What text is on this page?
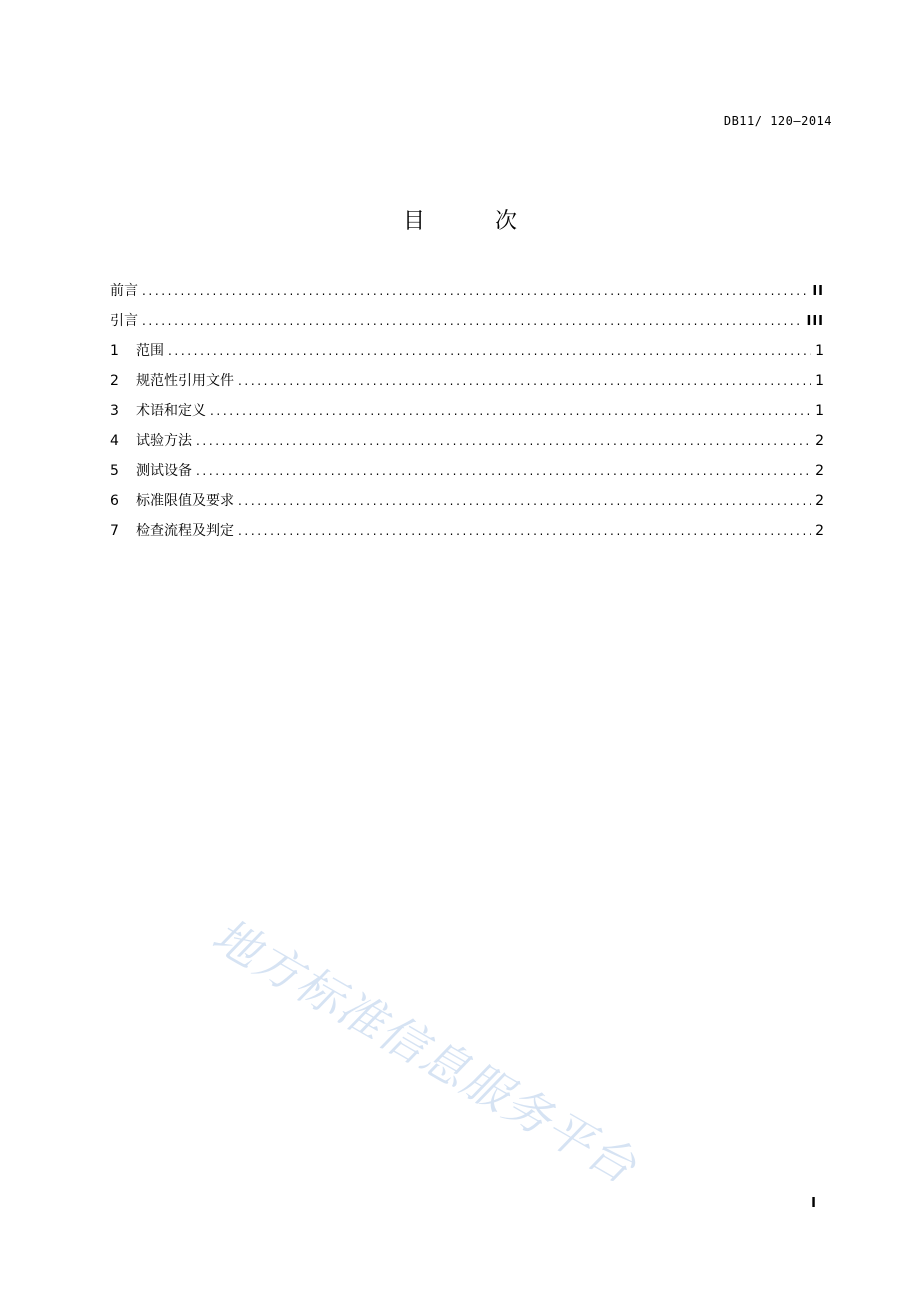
DB11/ 120—2014
目　次
前言 .....	II
引言 .....	III
1	范围 .....	1
2	规范性引用文件 .....	1
3	术语和定义 .....	1
4	试验方法 .....	2
5	测试设备 .....	2
6	标准限值及要求 .....	2
7	检查流程及判定 .....	2
地方标准信息服务平台
I
